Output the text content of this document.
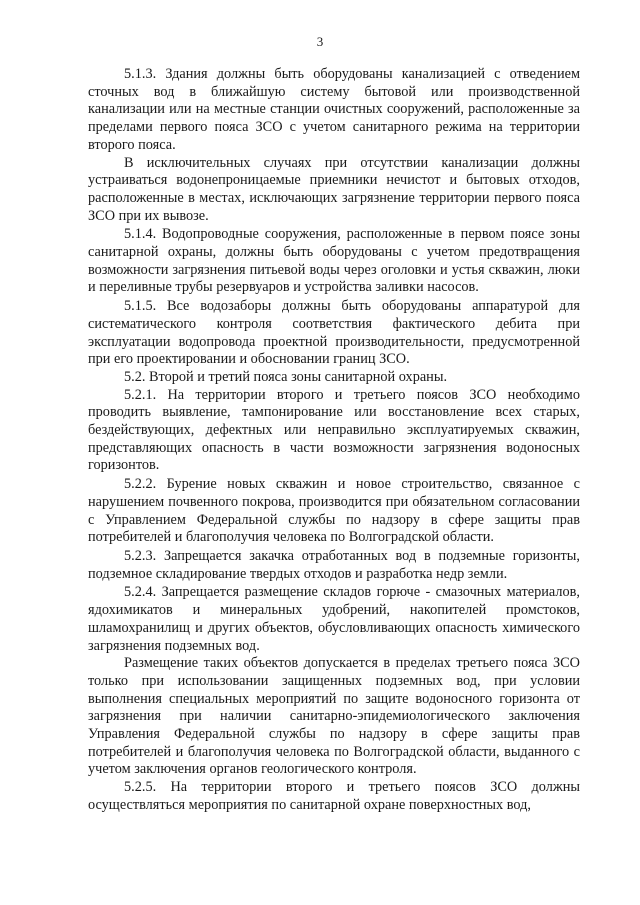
3

5.1.3. Здания должны быть оборудованы канализацией с отведением сточных вод в ближайшую систему бытовой или производственной канализации или на местные станции очистных сооружений, расположенные за пределами первого пояса ЗСО с учетом санитарного режима на территории второго пояса.

В исключительных случаях при отсутствии канализации должны устраиваться водонепроницаемые приемники нечистот и бытовых отходов, расположенные в местах, исключающих загрязнение территории первого пояса ЗСО при их вывозе.

5.1.4. Водопроводные сооружения, расположенные в первом поясе зоны санитарной охраны, должны быть оборудованы с учетом предотвращения возможности загрязнения питьевой воды через оголовки и устья скважин, люки и переливные трубы резервуаров и устройства заливки насосов.

5.1.5. Все водозаборы должны быть оборудованы аппаратурой для систематического контроля соответствия фактического дебита при эксплуатации водопровода проектной производительности, предусмотренной при его проектировании и обосновании границ ЗСО.

5.2. Второй и третий пояса зоны санитарной охраны.

5.2.1. На территории второго и третьего поясов ЗСО необходимо проводить выявление, тампонирование или восстановление всех старых, бездействующих, дефектных или неправильно эксплуатируемых скважин, представляющих опасность в части возможности загрязнения водоносных горизонтов.

5.2.2. Бурение новых скважин и новое строительство, связанное с нарушением почвенного покрова, производится при обязательном согласовании с Управлением Федеральной службы по надзору в сфере защиты прав потребителей и благополучия человека по Волгоградской области.

5.2.3. Запрещается закачка отработанных вод в подземные горизонты, подземное складирование твердых отходов и разработка недр земли.

5.2.4. Запрещается размещение складов горюче - смазочных материалов, ядохимикатов и минеральных удобрений, накопителей промстоков, шламохранилищ и других объектов, обусловливающих опасность химического загрязнения подземных вод.

Размещение таких объектов допускается в пределах третьего пояса ЗСО только при использовании защищенных подземных вод, при условии выполнения специальных мероприятий по защите водоносного горизонта от загрязнения при наличии санитарно-эпидемиологического заключения Управления Федеральной службы по надзору в сфере защиты прав потребителей и благополучия человека по Волгоградской области, выданного с учетом заключения органов геологического контроля.

5.2.5. На территории второго и третьего поясов ЗСО должны осуществляться мероприятия по санитарной охране поверхностных вод,
